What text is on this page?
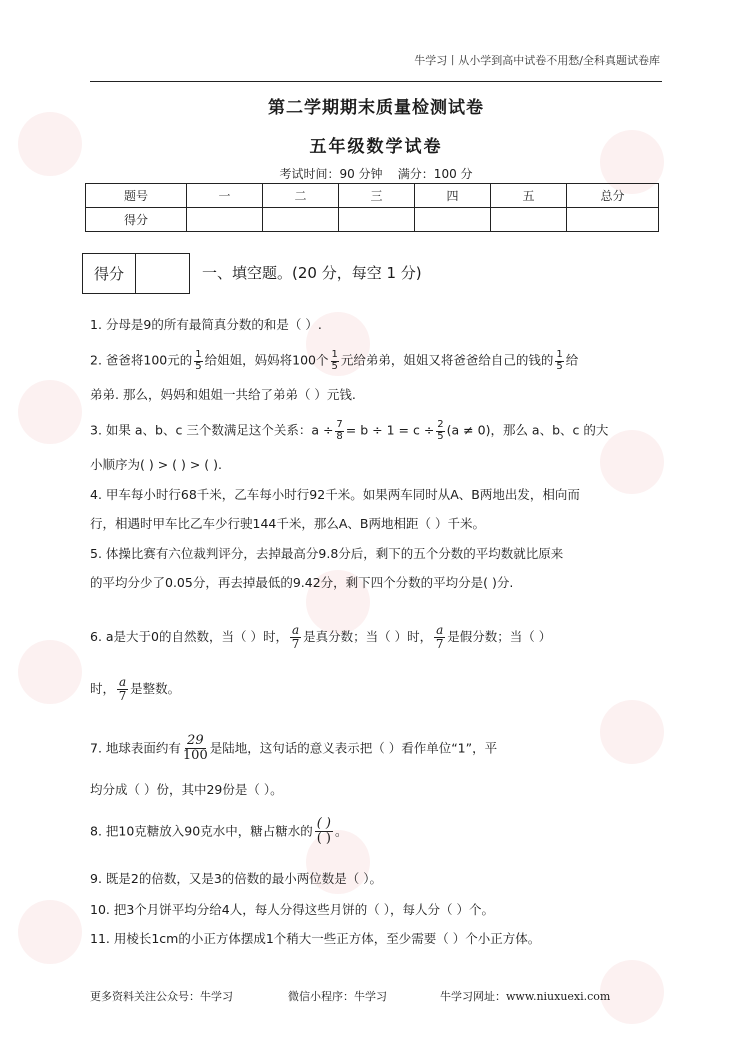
牛学习丨从小学到高中试卷不用愁/全科真题试卷库
第二学期期末质量检测试卷
五年级数学试卷
考试时间：90 分钟    满分：100 分
题号	一	二	三	四	五	总分
得分						
得分	一、填空题。(20 分，每空 1 分)
1. 分母是9的所有最简真分数的和是（ ）.
2. 爸爸将100元的 $\frac{1}{5}$ 给姐姐，妈妈将100个 $\frac{1}{5}$ 元给弟弟，姐姐又将爸爸给自己的钱的 $\frac{1}{5}$ 给
弟弟. 那么，妈妈和姐姐一共给了弟弟（ ）元钱.
3. 如果 a、b、c 三个数满足这个关系：$a \div \frac{7}{8} = b \div 1 = c \div \frac{2}{5} (a \ne 0)$，那么 a、b、c 的大
小顺序为( ) > ( ) > ( ).
4. 甲车每小时行68千米，乙车每小时行92千米。如果两车同时从A、B两地出发，相向而
行，相遇时甲车比乙车少行驶144千米，那么A、B两地相距（ ）千米。
5. 体操比赛有六位裁判评分，去掉最高分9.8分后，剩下的五个分数的平均数就比原来
的平均分少了0.05分，再去掉最低的9.42分，剩下四个分数的平均分是( )分.
6. a是大于0的自然数，当（ ）时， $\frac{a}{7}$ 是真分数；当（ ）时， $\frac{a}{7}$ 是假分数；当（ ）
时， $\frac{a}{7}$ 是整数。
7. 地球表面约有 $\frac{29}{100}$ 是陆地，这句话的意义表示把（ ）看作单位“1”，平
均分成（ ）份，其中29份是（ ）。
8. 把10克糖放入90克水中，糖占糖水的 $\frac{( )}{( )}$ 。
9. 既是2的倍数，又是3的倍数的最小两位数是（ ）。
10. 把3个月饼平均分给4人，每人分得这些月饼的（ ），每人分（ ）个。
11. 用棱长1cm的小正方体摆成1个稍大一些正方体，至少需要（ ）个小正方体。
更多资料关注公众号：牛学习	微信小程序：牛学习	牛学习网址：www.niuxuexi.com
